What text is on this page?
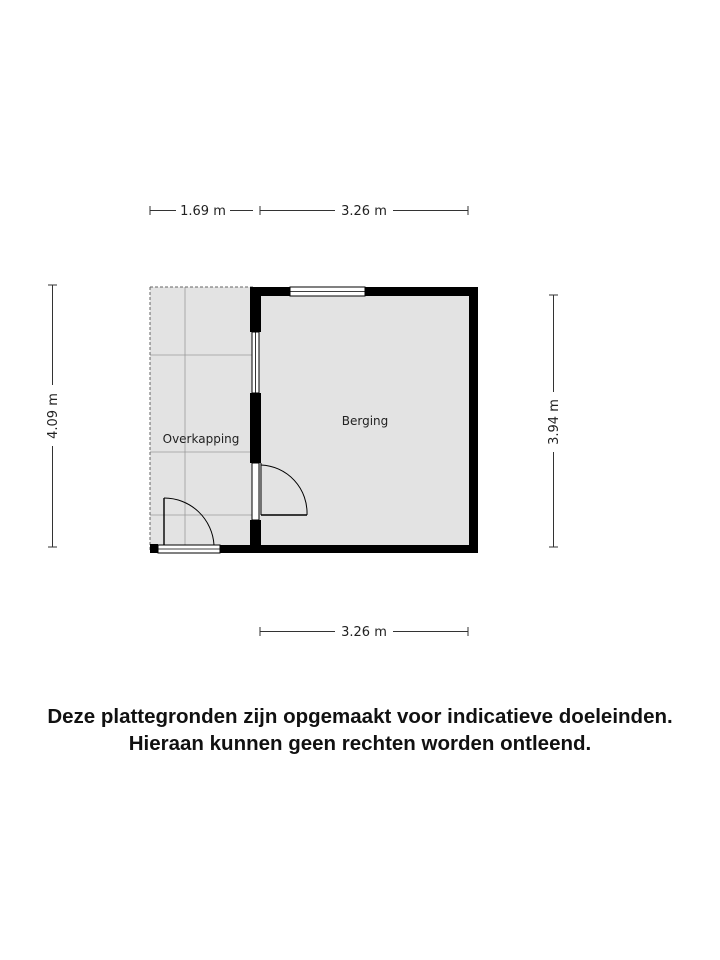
Overkapping
Berging
1.69 m	3.26 m
3.26 m
4.09 m	3.94 m
Deze plattegronden zijn opgemaakt voor indicatieve doeleinden.
Hieraan kunnen geen rechten worden ontleend.
